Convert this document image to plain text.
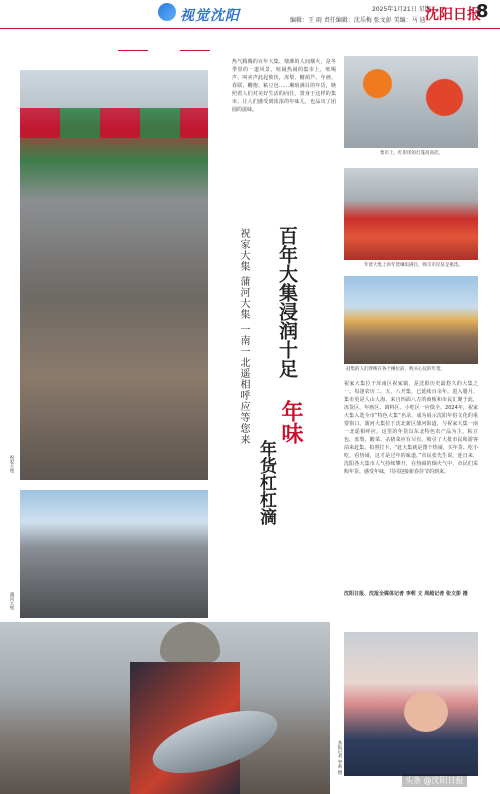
视觉沈阳	2025年1月21日 星期二
编辑：王 雨 责任编辑：沈乐梅 张文彭 美编：马 迪 沈阳日报
8
祝家大集
蒲河大集
热气腾腾的百年大集、鼎沸的人间烟火，是冬季里的一道风景。喧闹热闹的集市上，吆喝声、叫卖声此起彼伏，冻梨、糖葫芦、年画、春联、鞭炮、粘豆包……琳琅满目的年货，映照着人们对美好生活的向往。置身于这样的集市，让人们感受到浓浓的年味儿，也品出了团圆的滋味。
百年大集浸润十足
年味
年货杠杠滴
祝家大集 蒲河大集 一南一北遥相呼应等您来
集市上，红彤彤的灯笼高高挂。
年货大集上的年货琳琅满目，吸引市民驻足挑选。
赶集的人们穿梭在各个摊位前，购买心仪的年货。
祝家大集位于浑南区祝家镇，是沈阳历史最悠久的大集之一。每逢农历二、五、八开集，已延续百余年。进入腊月，集市更是人山人海，来自四面八方的商贩和市民汇聚于此，冻货区、年画区、调料区、小吃区一应俱全。2024年，祝家大集入选全市“特色大集”名录，成为展示沈阳年俗文化的重要窗口。蒲河大集位于沈北新区蒲河街道，与祝家大集一南一北遥相呼应。这里的年货以东北特色农产品为主，粘豆包、冻梨、酸菜、杀猪菜应有尽有，吸引了大批市民和游客前来赶集、拍照打卡。“赶大集就是图个热闹，买年货、吃小吃、看热闹，这才是过年的味道。”市民张先生说。连日来，沈阳各大集市人气持续攀升，在热闹的烟火气中，市民们采购年货、感受年味，共同迎接新春佳节的到来。
沈阳日报、沈报全媒体记者 李莉 文 周超记者 张文彭 摄
本报记者 李莉 摄
头条 @沈阳日报
